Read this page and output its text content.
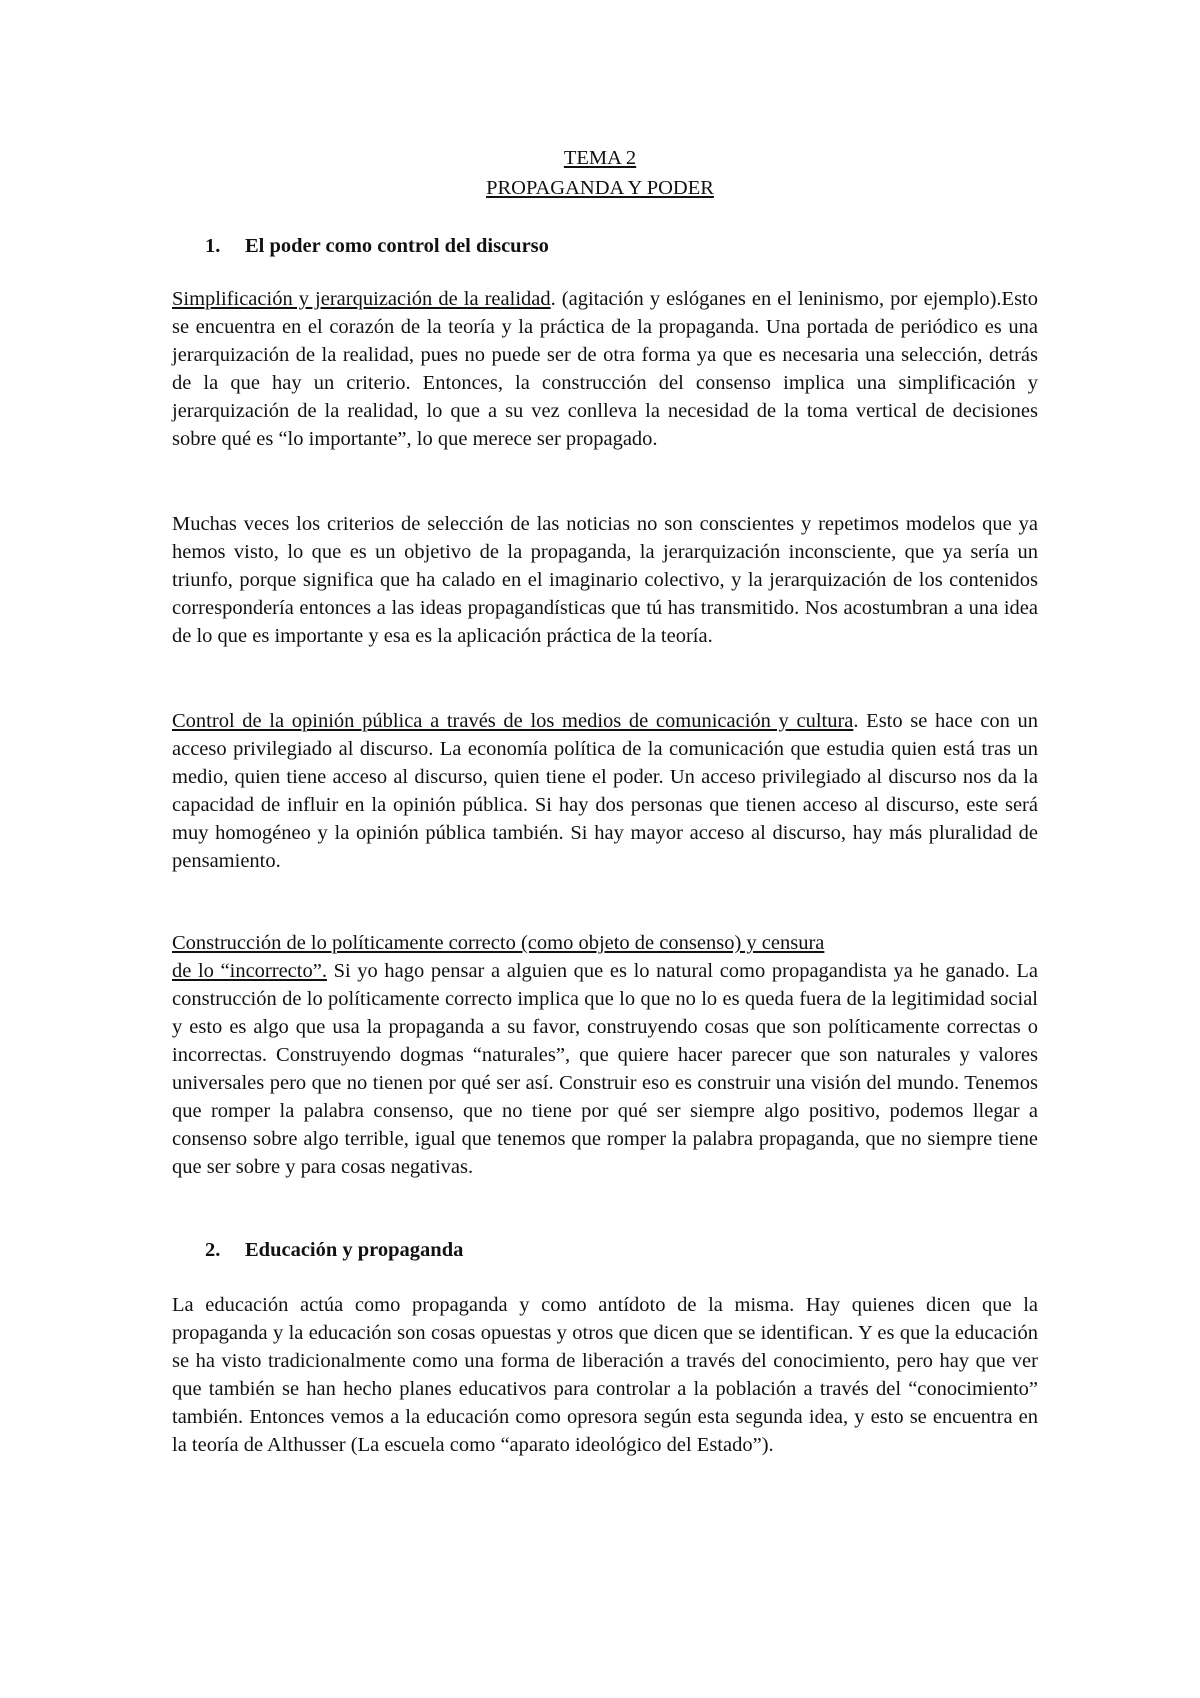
TEMA 2
PROPAGANDA Y PODER
1. El poder como control del discurso

Simplificación y jerarquización de la realidad. (agitación y eslóganes en el leninismo, por ejemplo).Esto se encuentra en el corazón de la teoría y la práctica de la propaganda. Una portada de periódico es una jerarquización de la realidad, pues no puede ser de otra forma ya que es necesaria una selección, detrás de la que hay un criterio. Entonces, la construcción del consenso implica una simplificación y jerarquización de la realidad, lo que a su vez conlleva la necesidad de la toma vertical de decisiones sobre qué es “lo importante”, lo que merece ser propagado.

Muchas veces los criterios de selección de las noticias no son conscientes y repetimos modelos que ya hemos visto, lo que es un objetivo de la propaganda, la jerarquización inconsciente, que ya sería un triunfo, porque significa que ha calado en el imaginario colectivo, y la jerarquización de los contenidos correspondería entonces a las ideas propagandísticas que tú has transmitido. Nos acostumbran a una idea de lo que es importante y esa es la aplicación práctica de la teoría.

Control de la opinión pública a través de los medios de comunicación y cultura. Esto se hace con un acceso privilegiado al discurso. La economía política de la comunicación que estudia quien está tras un medio, quien tiene acceso al discurso, quien tiene el poder. Un acceso privilegiado al discurso nos da la capacidad de influir en la opinión pública. Si hay dos personas que tienen acceso al discurso, este será muy homogéneo y la opinión pública también. Si hay mayor acceso al discurso, hay más pluralidad de pensamiento.

Construcción de lo políticamente correcto (como objeto de consenso) y censura
de lo “incorrecto”. Si yo hago pensar a alguien que es lo natural como propagandista ya he ganado. La construcción de lo políticamente correcto implica que lo que no lo es queda fuera de la legitimidad social y esto es algo que usa la propaganda a su favor, construyendo cosas que son políticamente correctas o incorrectas. Construyendo dogmas “naturales”, que quiere hacer parecer que son naturales y valores universales pero que no tienen por qué ser así. Construir eso es construir una visión del mundo. Tenemos que romper la palabra consenso, que no tiene por qué ser siempre algo positivo, podemos llegar a consenso sobre algo terrible, igual que tenemos que romper la palabra propaganda, que no siempre tiene que ser sobre y para cosas negativas.

2. Educación y propaganda

La educación actúa como propaganda y como antídoto de la misma. Hay quienes dicen que la propaganda y la educación son cosas opuestas y otros que dicen que se identifican. Y es que la educación se ha visto tradicionalmente como una forma de liberación a través del conocimiento, pero hay que ver que también se han hecho planes educativos para controlar a la población a través del “conocimiento” también. Entonces vemos a la educación como opresora según esta segunda idea, y esto se encuentra en la teoría de Althusser (La escuela como “aparato ideológico del Estado”).
